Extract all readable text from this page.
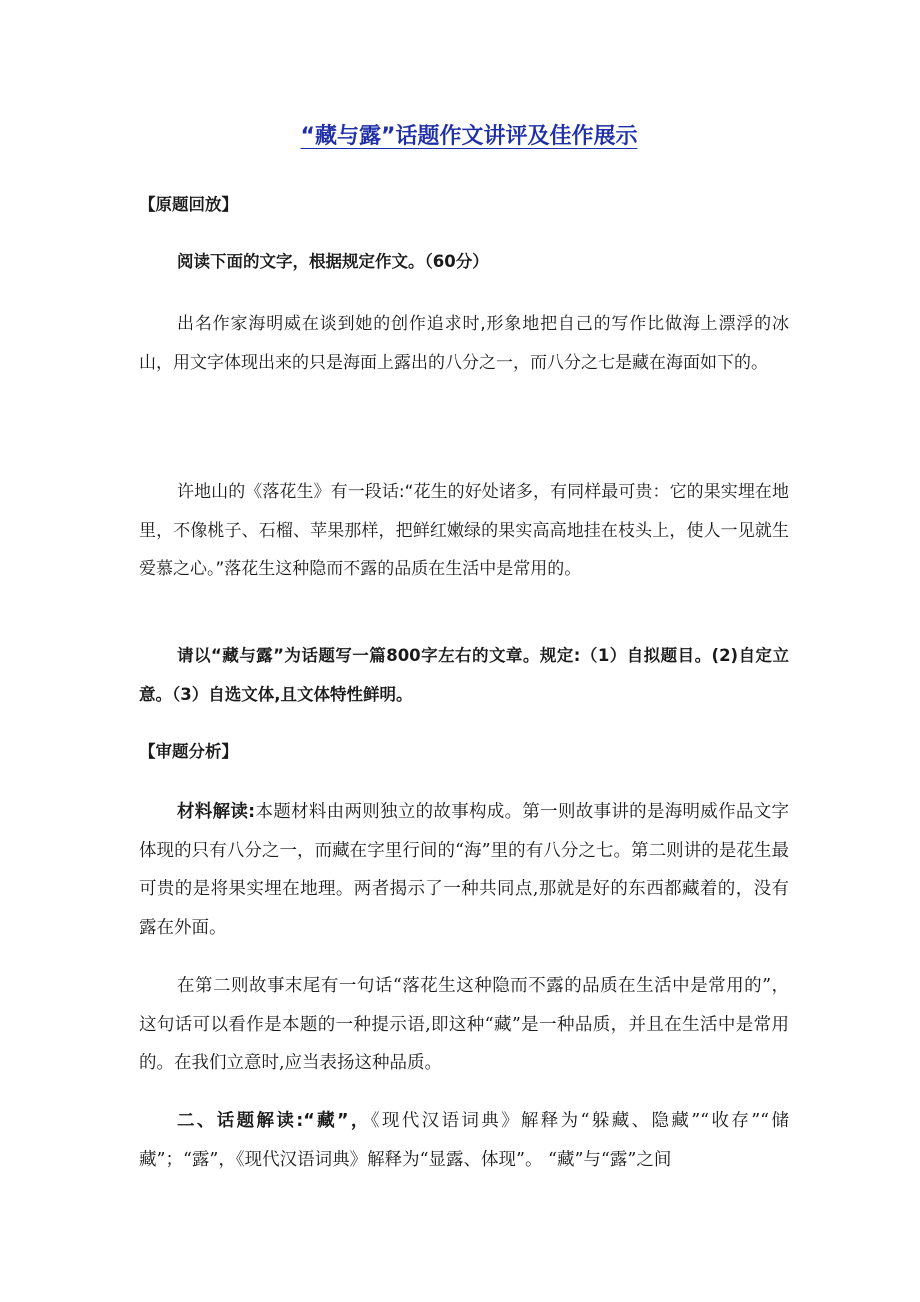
“藏与露”话题作文讲评及佳作展示
【原题回放】
阅读下面的文字，根据规定作文。（60分）
出名作家海明威在谈到她的创作追求时,形象地把自己的写作比做海上漂浮的冰山，用文字体现出来的只是海面上露出的八分之一，而八分之七是藏在海面如下的。
许地山的《落花生》有一段话:“花生的好处诸多，有同样最可贵：它的果实埋在地里，不像桃子、石榴、苹果那样，把鲜红嫩绿的果实高高地挂在枝头上，使人一见就生爱慕之心。”落花生这种隐而不露的品质在生活中是常用的。
请以“藏与露”为话题写一篇800字左右的文章。规定:（1）自拟题目。(2)自定立意。（3）自选文体,且文体特性鲜明。
【审题分析】
材料解读:本题材料由两则独立的故事构成。第一则故事讲的是海明威作品文字体现的只有八分之一，而藏在字里行间的“海”里的有八分之七。第二则讲的是花生最可贵的是将果实埋在地理。两者揭示了一种共同点,那就是好的东西都藏着的，没有露在外面。
在第二则故事末尾有一句话“落花生这种隐而不露的品质在生活中是常用的”，这句话可以看作是本题的一种提示语,即这种“藏”是一种品质，并且在生活中是常用的。在我们立意时,应当表扬这种品质。
二、话题解读:“藏”，《现代汉语词典》解释为“躲藏、隐藏”“收存”“储藏”；“露”，《现代汉语词典》解释为“显露、体现”。 “藏”与“露”之间
